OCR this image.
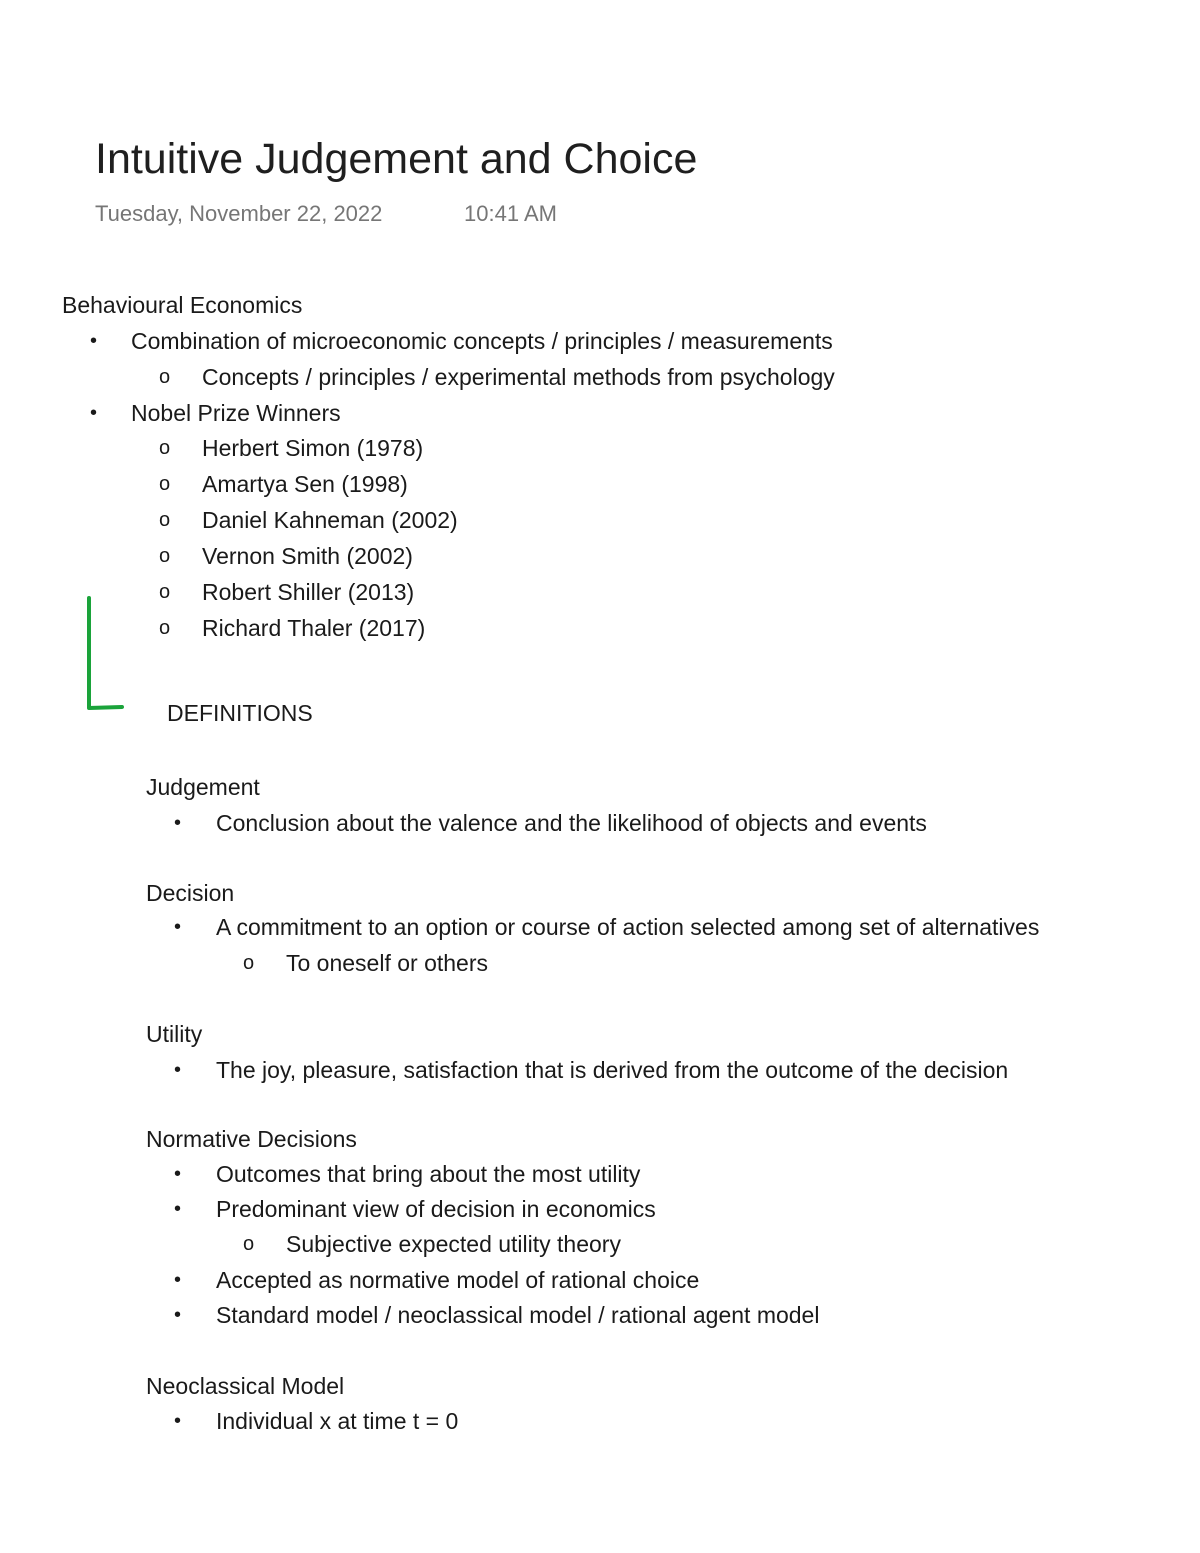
Intuitive Judgement and Choice
Tuesday, November 22, 2022	10:41 AM
Behavioural Economics
• Combination of microeconomic concepts / principles / measurements
o Concepts / principles / experimental methods from psychology
• Nobel Prize Winners
o Herbert Simon (1978)
o Amartya Sen (1998)
o Daniel Kahneman (2002)
o Vernon Smith (2002)
o Robert Shiller (2013)
o Richard Thaler (2017)
DEFINITIONS
Judgement
• Conclusion about the valence and the likelihood of objects and events
Decision
• A commitment to an option or course of action selected among set of alternatives
o To oneself or others
Utility
• The joy, pleasure, satisfaction that is derived from the outcome of the decision
Normative Decisions
• Outcomes that bring about the most utility
• Predominant view of decision in economics
o Subjective expected utility theory
• Accepted as normative model of rational choice
• Standard model / neoclassical model / rational agent model
Neoclassical Model
• Individual x at time t = 0
